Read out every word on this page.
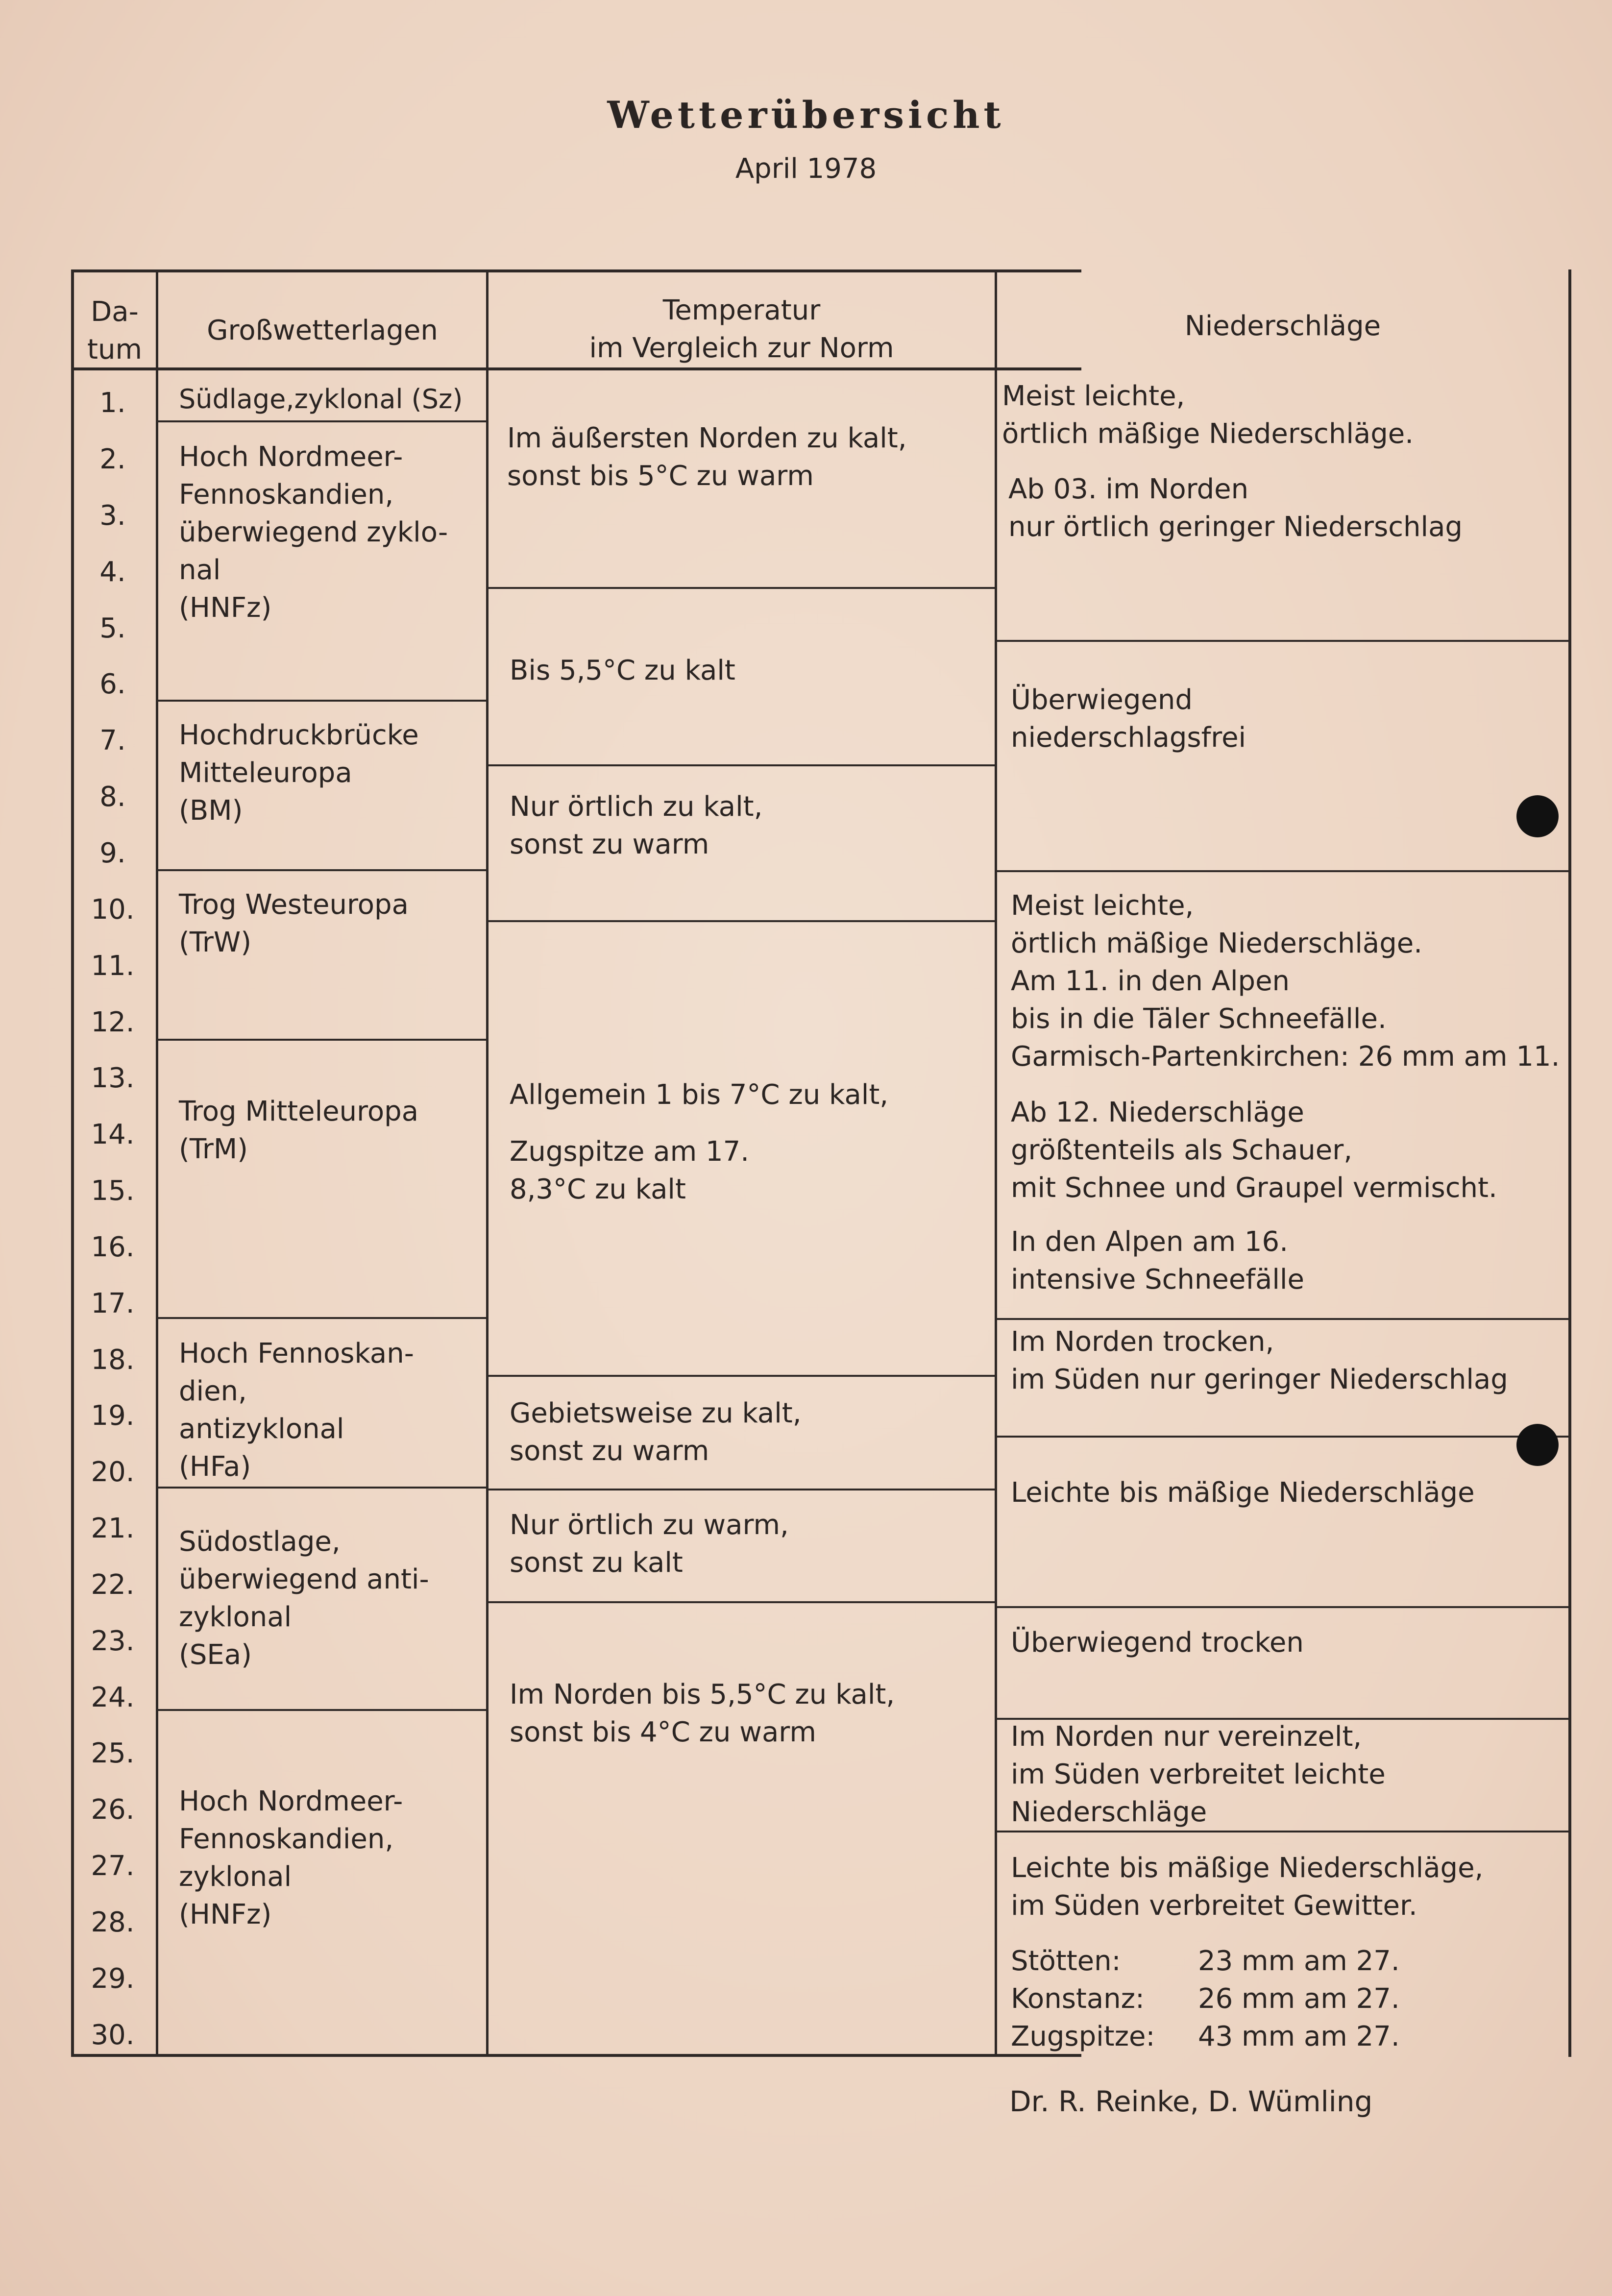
Wetterübersicht
April 1978
Da-
tum
Großwetterlagen
Temperatur
im Vergleich zur Norm
Niederschläge
1.
2.
3.
4.
5.
6.
7.
8.
9.
10.
11.
12.
13.
14.
15.
16.
17.
18.
19.
20.
21.
22.
23.
24.
25.
26.
27.
28.
29.
30.
Südlage,zyklonal (Sz)
Hoch Nordmeer-
Fennoskandien,
überwiegend zyklo-
nal
(HNFz)
Hochdruckbrücke
Mitteleuropa
(BM)
Trog Westeuropa
(TrW)
Trog Mitteleuropa
(TrM)
Hoch Fennoskan-
dien,
antizyklonal
(HFa)
Südostlage,
überwiegend anti-
zyklonal
(SEa)
Hoch Nordmeer-
Fennoskandien,
zyklonal
(HNFz)
Im äußersten Norden zu kalt,
sonst bis 5°C zu warm
Bis 5,5°C zu kalt
Nur örtlich zu kalt,
sonst zu warm
Allgemein 1 bis 7°C zu kalt,
Zugspitze am 17.
8,3°C zu kalt
Gebietsweise zu kalt,
sonst zu warm
Nur örtlich zu warm,
sonst zu kalt
Im Norden bis 5,5°C zu kalt,
sonst bis 4°C zu warm
Meist leichte,
örtlich mäßige Niederschläge.
Ab 03. im Norden
nur örtlich geringer Niederschlag
Überwiegend
niederschlagsfrei
Meist leichte,
örtlich mäßige Niederschläge.
Am 11. in den Alpen
bis in die Täler Schneefälle.
Garmisch-Partenkirchen: 26 mm am 11.
Ab 12. Niederschläge
größtenteils als Schauer,
mit Schnee und Graupel vermischt.
In den Alpen am 16.
intensive Schneefälle
Im Norden trocken,
im Süden nur geringer Niederschlag
Leichte bis mäßige Niederschläge
Überwiegend trocken
Im Norden nur vereinzelt,
im Süden verbreitet leichte
Niederschläge
Leichte bis mäßige Niederschläge,
im Süden verbreitet Gewitter.
Stötten:	23 mm am 27.
Konstanz: 26 mm am 27.
Zugspitze: 43 mm am 27.
Dr. R. Reinke, D. Wümling
